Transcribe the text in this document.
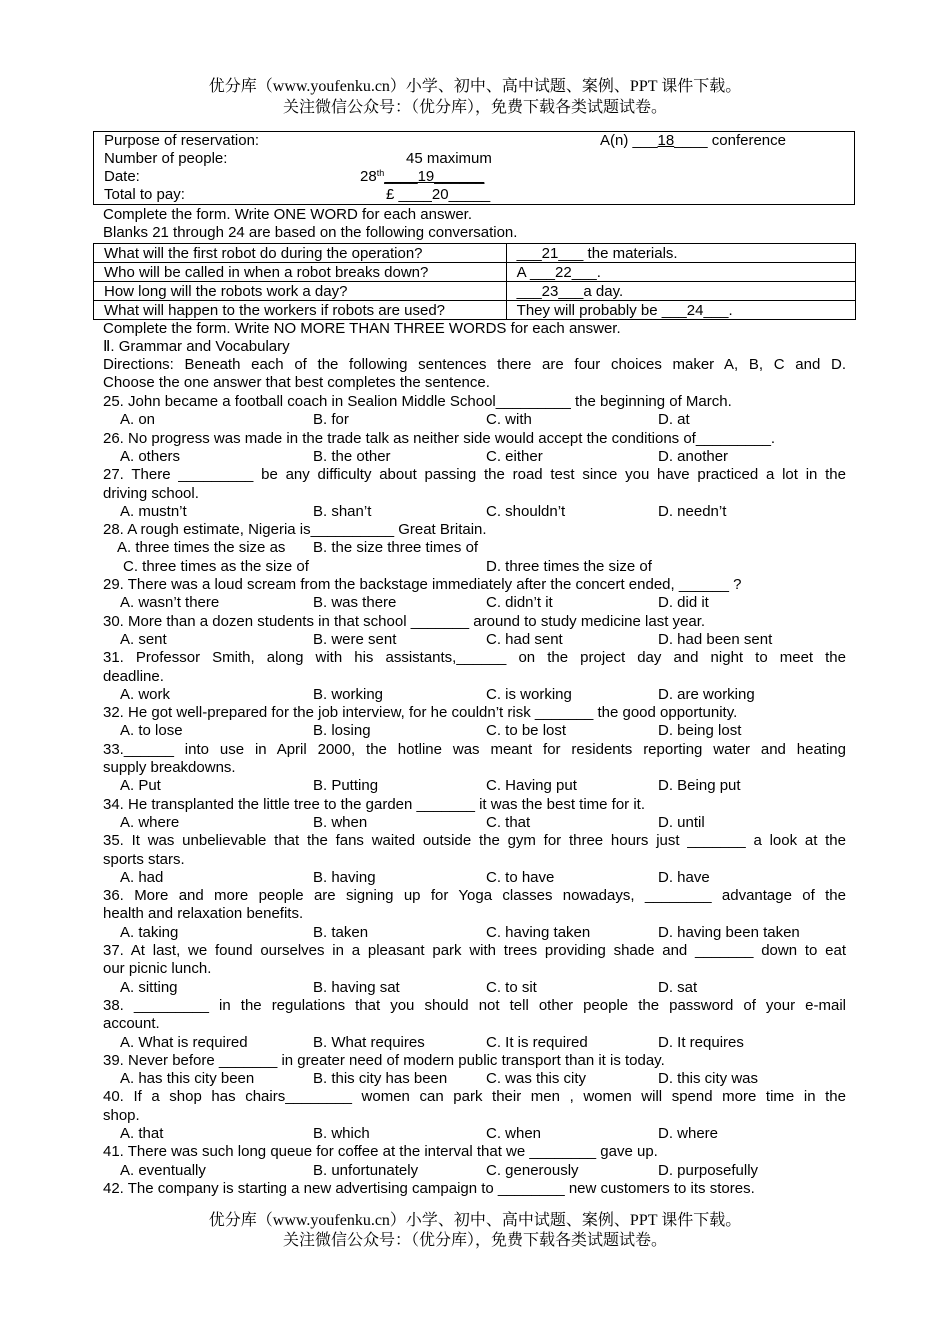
优分库（www.youfenku.cn）小学、初中、高中试题、案例、PPT 课件下载。
关注微信公众号：（优分库），免费下载各类试题试卷。
Purpose of reservation:	A(n) ___18____ conference
Number of people:	45 maximum
Date:	28th____19______
Total to pay:	£ ____20_____
Complete the form. Write ONE WORD for each answer.
Blanks 21 through 24 are based on the following conversation.
What will the first robot do during the operation?	___21___ the materials.
Who will be called in when a robot breaks down?	A ___22___.
How long will the robots work a day?	___23___a day.
What will happen to the workers if robots are used?	They will probably be ___24___.
Complete the form. Write NO MORE THAN THREE WORDS for each answer.
Ⅱ. Grammar and Vocabulary
Directions: Beneath each of the following sentences there are four choices maker A, B, C and D.
Choose the one answer that best completes the sentence.
25. John became a football coach in Sealion Middle School_________ the beginning of March.
A. on	B. for	C. with	D. at
26. No progress was made in the trade talk as neither side would accept the conditions of_________.
A. others	B. the other	C. either	D. another
27. There _________ be any difficulty about passing the road test since you have practiced a lot in the
driving school.
A. mustn’t	B. shan’t	C. shouldn’t	D. needn’t
28. A rough estimate, Nigeria is__________ Great Britain.
A. three times the size as B. the size three times of
C. three times as the size of	D. three times the size of
29. There was a loud scream from the backstage immediately after the concert ended, ______ ?
A. wasn’t there	B. was there	C. didn’t it	D. did it
30. More than a dozen students in that school _______ around to study medicine last year.
A. sent	B. were sent	C. had sent	D. had been sent
31. Professor Smith, along with his assistants,______ on the project day and night to meet the
deadline.
A. work	B. working	C. is working	D. are working
32. He got well-prepared for the job interview, for he couldn’t risk _______ the good opportunity.
A. to lose	B. losing	C. to be lost	D. being lost
33.______ into use in April 2000, the hotline was meant for residents reporting water and heating
supply breakdowns.
A. Put	B. Putting	C. Having put	D. Being put
34. He transplanted the little tree to the garden _______ it was the best time for it.
A. where	B. when	C. that	D. until
35. It was unbelievable that the fans waited outside the gym for three hours just _______ a look at the
sports stars.
A. had	B. having	C. to have	D. have
36. More and more people are signing up for Yoga classes nowadays, ________ advantage of the
health and relaxation benefits.
A. taking	B. taken	C. having taken	D. having been taken
37. At last, we found ourselves in a pleasant park with trees providing shade and _______ down to eat
our picnic lunch.
A. sitting	B. having sat	C. to sit	D. sat
38. _________ in the regulations that you should not tell other people the password of your e-mail
account.
A. What is required	B. What requires	C. It is required	D. It requires
39. Never before _______ in greater need of modern public transport than it is today.
A. has this city been	B. this city has been	C. was this city	D. this city was
40. If a shop has chairs________ women can park their men , women will spend more time in the
shop.
A. that	B. which	C. when	D. where
41. There was such long queue for coffee at the interval that we ________ gave up.
A. eventually	B. unfortunately	C. generously	D. purposefully
42. The company is starting a new advertising campaign to ________ new customers to its stores.
优分库（www.youfenku.cn）小学、初中、高中试题、案例、PPT 课件下载。
关注微信公众号：（优分库），免费下载各类试题试卷。
